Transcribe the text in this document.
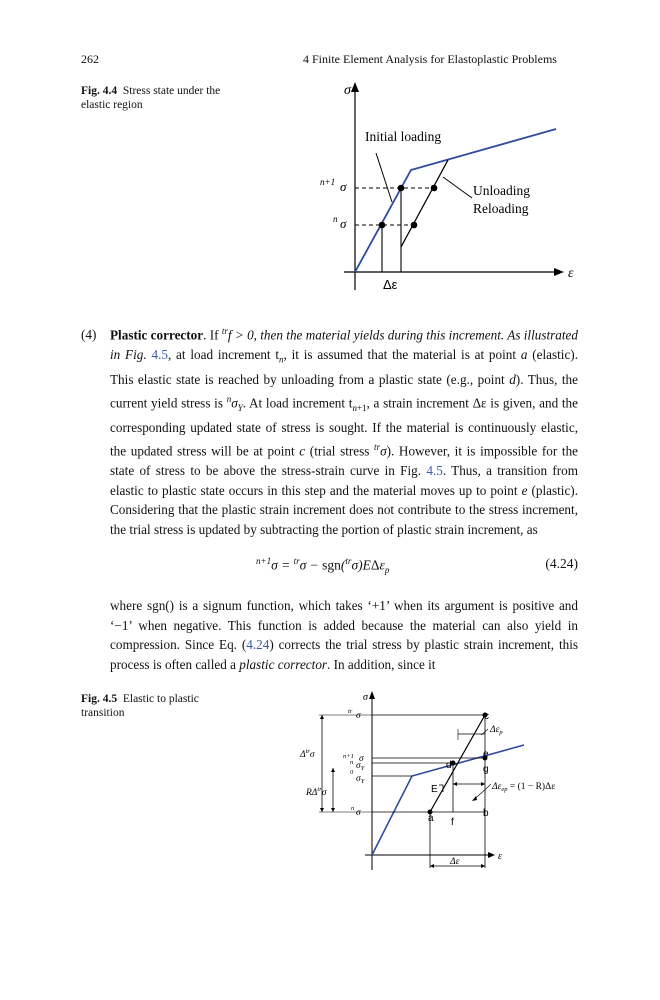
262	4 Finite Element Analysis for Elastoplastic Problems
Fig. 4.4 Stress state under the elastic region
σ
ε
n+1 σ
n σ
Initial loading
Unloading
Reloading
Δε

(4) Plastic corrector. If $^{tr}$f > 0, then the material yields during this increment. As illustrated in Fig. 4.5, at load increment $t_n$, it is assumed that the material is at point a (elastic). This elastic state is reached by unloading from a plastic state (e.g., point d). Thus, the current yield stress is $^n\sigma_Y$. At load increment $t_{n+1}$, a strain increment Δε is given, and the corresponding updated state of stress is sought. If the material is continuously elastic, the updated stress will be at point c (trial stress $^{tr}$σ). However, it is impossible for the state of stress to be above the stress-strain curve in Fig. 4.5. Thus, a transition from elastic to plastic state occurs in this step and the material moves up to point e (plastic). Considering that the plastic strain increment does not contribute to the stress increment, the trial stress is updated by subtracting the portion of plastic strain increment, as

$^{n+1}$σ = $^{tr}$σ − sgn($^{tr}$σ)EΔε$_p$	(4.24)

where sgn() is a signum function, which takes ‘+1’ when its argument is positive and ‘−1’ when negative. This function is added because the material can also yield in compression. Since Eq. (4.24) corrects the trial stress by plastic strain increment, this process is often called a plastic corrector. In addition, since it

Fig. 4.5 Elastic to plastic transition
σ
ε
a	b
c
d
e
f
g
E
tr σ
n+1 σ
n $\sigma_Y$
0
$\sigma_Y$
n σ
$\Delta^{tr}\sigma$
$R\Delta^{tr}\sigma$
$\Delta\varepsilon_p$
$\Delta\varepsilon_{ep} = (1 - R)\Delta\varepsilon$
Δε
